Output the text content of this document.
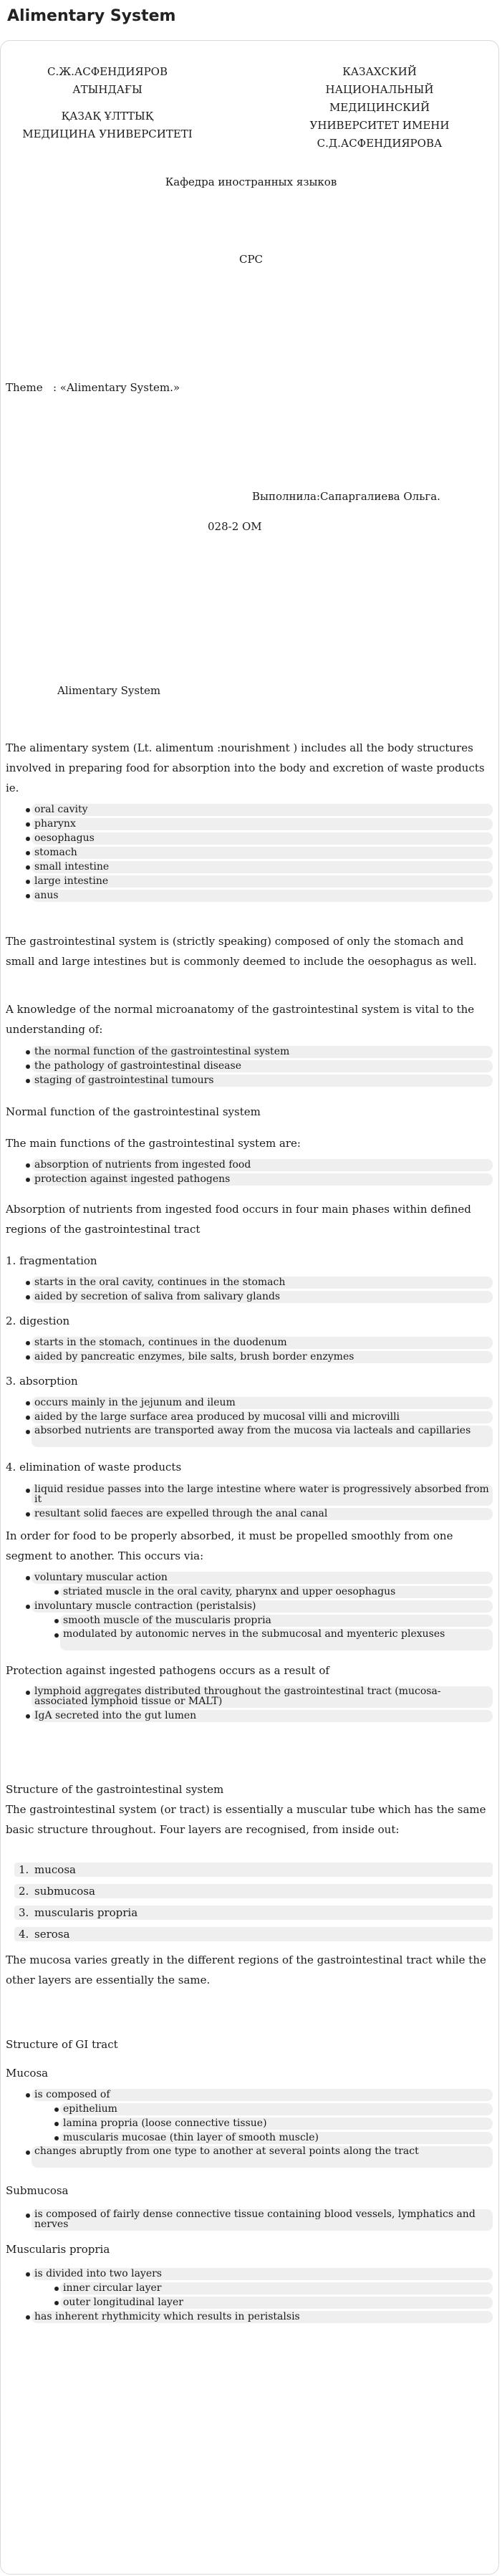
Alimentary System
С.Ж.АСФЕНДИЯРОВ
АТЫНДАҒЫ
ҚАЗАҚ ҰЛТТЫҚ
МЕДИЦИНА УНИВЕРСИТЕТІ
КАЗАХСКИЙ
НАЦИОНАЛЬНЫЙ
МЕДИЦИНСКИЙ
УНИВЕРСИТЕТ ИМЕНИ
С.Д.АСФЕНДИЯРОВА
Кафедра иностранных языков
СРС
Theme   : «Alimentary System.»
Выполнила:Сапаргалиева Ольга.
028-2 ОМ
Alimentary System

The alimentary system (Lt. alimentum :nourishment ) includes all the body structures involved in preparing food for absorption into the body and excretion of waste products ie.

oral cavity
pharynx
oesophagus
stomach
small intestine
large intestine
anus

The gastrointestinal system is (strictly speaking) composed of only the stomach and small and large intestines but is commonly deemed to include the oesophagus as well.

A knowledge of the normal microanatomy of the gastrointestinal system is vital to the understanding of:

the normal function of the gastrointestinal system
the pathology of gastrointestinal disease
staging of gastrointestinal tumours

Normal function of the gastrointestinal system

The main functions of the gastrointestinal system are:

absorption of nutrients from ingested food
protection against ingested pathogens

Absorption of nutrients from ingested food occurs in four main phases within defined regions of the gastrointestinal tract

1. fragmentation

starts in the oral cavity, continues in the stomach
aided by secretion of saliva from salivary glands

2. digestion

starts in the stomach, continues in the duodenum
aided by pancreatic enzymes, bile salts, brush border enzymes

3. absorption

occurs mainly in the jejunum and ileum
aided by the large surface area produced by mucosal villi and microvilli
absorbed nutrients are transported away from the mucosa via lacteals and capillaries

4. elimination of waste products

liquid residue passes into the large intestine where water is progressively absorbed from it
resultant solid faeces are expelled through the anal canal

In order for food to be properly absorbed, it must be propelled smoothly from one segment to another. This occurs via:

voluntary muscular action
striated muscle in the oral cavity, pharynx and upper oesophagus
involuntary muscle contraction (peristalsis)
smooth muscle of the muscularis propria
modulated by autonomic nerves in the submucosal and myenteric plexuses

Protection against ingested pathogens occurs as a result of

lymphoid aggregates distributed throughout the gastrointestinal tract (mucosa-associated lymphoid tissue or MALT)
IgA secreted into the gut lumen

Structure of the gastrointestinal system

The gastrointestinal system (or tract) is essentially a muscular tube which has the same basic structure throughout. Four layers are recognised, from inside out:

1. mucosa
2. submucosa
3. muscularis propria
4. serosa

The mucosa varies greatly in the different regions of the gastrointestinal tract while the other layers are essentially the same.

Structure of GI tract

Mucosa

is composed of
epithelium
lamina propria (loose connective tissue)
muscularis mucosae (thin layer of smooth muscle)
changes abruptly from one type to another at several points along the tract

Submucosa

is composed of fairly dense connective tissue containing blood vessels, lymphatics and nerves

Muscularis propria

is divided into two layers
inner circular layer
outer longitudinal layer
has inherent rhythmicity which results in peristalsis
